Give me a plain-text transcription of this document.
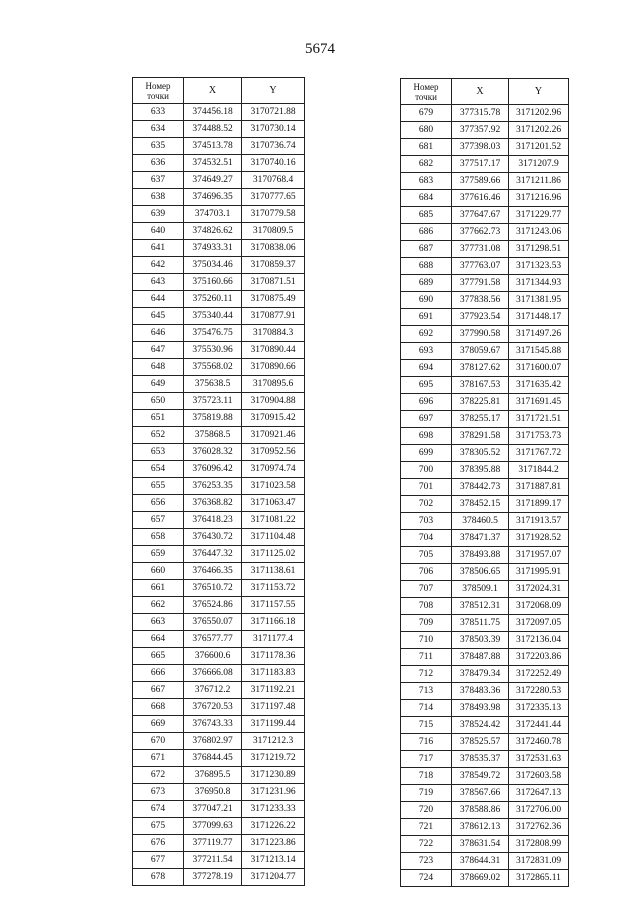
5674
Номер
точки	X	Y
633	374456.18	3170721.88
634	374488.52	3170730.14
635	374513.78	3170736.74
636	374532.51	3170740.16
637	374649.27	3170768.4
638	374696.35	3170777.65
639	374703.1	3170779.58
640	374826.62	3170809.5
641	374933.31	3170838.06
642	375034.46	3170859.37
643	375160.66	3170871.51
644	375260.11	3170875.49
645	375340.44	3170877.91
646	375476.75	3170884.3
647	375530.96	3170890.44
648	375568.02	3170890.66
649	375638.5	3170895.6
650	375723.11	3170904.88
651	375819.88	3170915.42
652	375868.5	3170921.46
653	376028.32	3170952.56
654	376096.42	3170974.74
655	376253.35	3171023.58
656	376368.82	3171063.47
657	376418.23	3171081.22
658	376430.72	3171104.48
659	376447.32	3171125.02
660	376466.35	3171138.61
661	376510.72	3171153.72
662	376524.86	3171157.55
663	376550.07	3171166.18
664	376577.77	3171177.4
665	376600.6	3171178.36
666	376666.08	3171183.83
667	376712.2	3171192.21
668	376720.53	3171197.48
669	376743.33	3171199.44
670	376802.97	3171212.3
671	376844.45	3171219.72
672	376895.5	3171230.89
673	376950.8	3171231.96
674	377047.21	3171233.33
675	377099.63	3171226.22
676	377119.77	3171223.86
677	377211.54	3171213.14
678	377278.19	3171204.77
Номер
точки	X	Y
679	377315.78	3171202.96
680	377357.92	3171202.26
681	377398.03	3171201.52
682	377517.17	3171207.9
683	377589.66	3171211.86
684	377616.46	3171216.96
685	377647.67	3171229.77
686	377662.73	3171243.06
687	377731.08	3171298.51
688	377763.07	3171323.53
689	377791.58	3171344.93
690	377838.56	3171381.95
691	377923.54	3171448.17
692	377990.58	3171497.26
693	378059.67	3171545.88
694	378127.62	3171600.07
695	378167.53	3171635.42
696	378225.81	3171691.45
697	378255.17	3171721.51
698	378291.58	3171753.73
699	378305.52	3171767.72
700	378395.88	3171844.2
701	378442.73	3171887.81
702	378452.15	3171899.17
703	378460.5	3171913.57
704	378471.37	3171928.52
705	378493.88	3171957.07
706	378506.65	3171995.91
707	378509.1	3172024.31
708	378512.31	3172068.09
709	378511.75	3172097.05
710	378503.39	3172136.04
711	378487.88	3172203.86
712	378479.34	3172252.49
713	378483.36	3172280.53
714	378493.98	3172335.13
715	378524.42	3172441.44
716	378525.57	3172460.78
717	378535.37	3172531.63
718	378549.72	3172603.58
719	378567.66	3172647.13
720	378588.86	3172706.00
721	378612.13	3172762.36
722	378631.54	3172808.99
723	378644.31	3172831.09
724	378669.02	3172865.11
